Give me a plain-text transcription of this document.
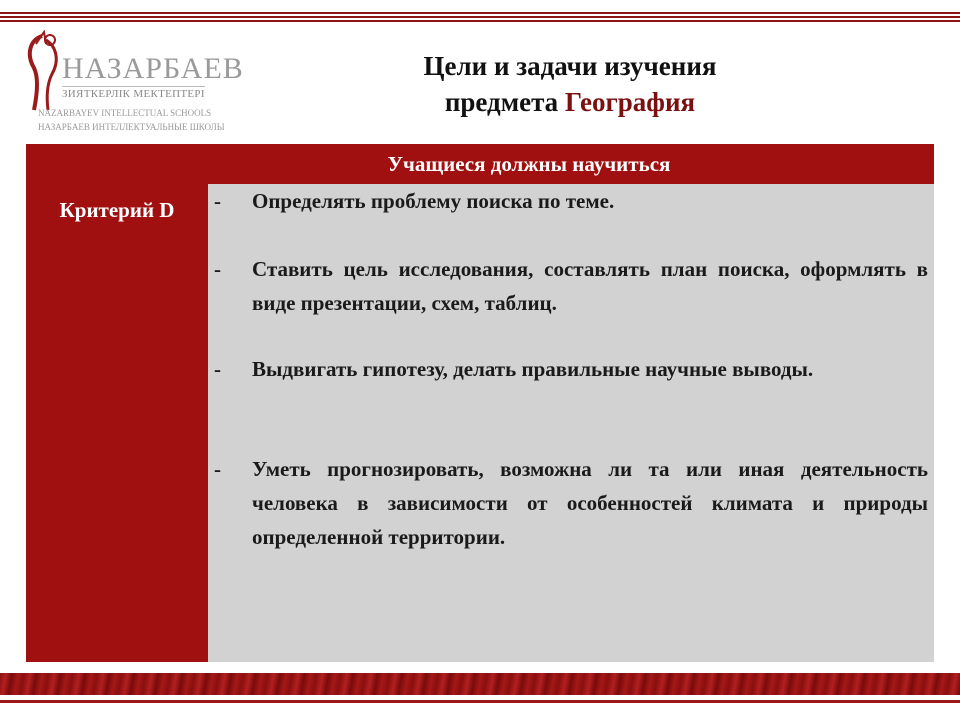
НАЗАРБАЕВ
ЗИЯТКЕРЛІК МЕКТЕПТЕРІ
NAZARBAYEV INTELLECTUAL SCHOOLS
НАЗАРБАЕВ ИНТЕЛЛЕКТУАЛЬНЫЕ ШКОЛЫ
Цели и задачи изучения
предмета География
Учащиеся должны научиться
Критерий D	-	Определять проблему поиска по теме.
-	Ставить цель исследования, составлять план поиска, оформлять в виде презентации, схем, таблиц.
-	Выдвигать гипотезу, делать правильные научные выводы.
-	Уметь прогнозировать, возможна ли та или иная деятельность человека в зависимости от особенностей климата и природы определенной территории.
